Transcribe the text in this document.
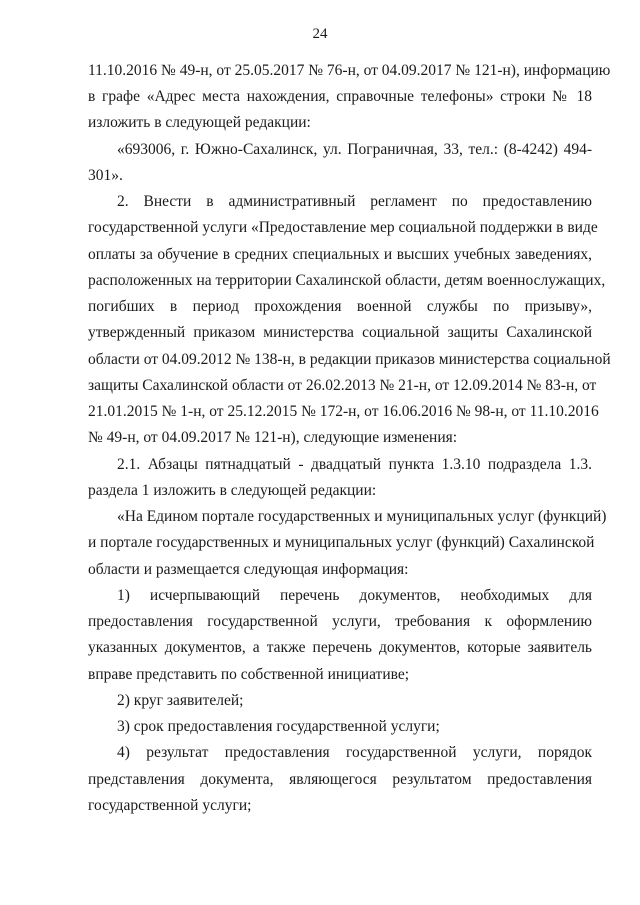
24
11.10.2016 № 49-н, от 25.05.2017 № 76-н, от 04.09.2017 № 121-н), информацию
в графе «Адрес места нахождения, справочные телефоны» строки № 18
изложить в следующей редакции:
«693006, г. Южно-Сахалинск, ул. Пограничная, 33, тел.: (8-4242) 494-
301».
2. Внести в административный регламент по предоставлению
государственной услуги «Предоставление мер социальной поддержки в виде
оплаты за обучение в средних специальных и высших учебных заведениях,
расположенных на территории Сахалинской области, детям военнослужащих,
погибших в период прохождения военной службы по призыву»,
утвержденный приказом министерства социальной защиты Сахалинской
области от 04.09.2012 № 138-н, в редакции приказов министерства социальной
защиты Сахалинской области от 26.02.2013 № 21-н, от 12.09.2014 № 83-н, от
21.01.2015 № 1-н, от 25.12.2015 № 172-н, от 16.06.2016 № 98-н, от 11.10.2016
№ 49-н, от 04.09.2017 № 121-н), следующие изменения:
2.1. Абзацы пятнадцатый - двадцатый пункта 1.3.10 подраздела 1.3.
раздела 1 изложить в следующей редакции:
«На Едином портале государственных и муниципальных услуг (функций)
и портале государственных и муниципальных услуг (функций) Сахалинской
области и размещается следующая информация:
1) исчерпывающий перечень документов, необходимых для
предоставления государственной услуги, требования к оформлению
указанных документов, а также перечень документов, которые заявитель
вправе представить по собственной инициативе;
2) круг заявителей;
3) срок предоставления государственной услуги;
4) результат предоставления государственной услуги, порядок
представления документа, являющегося результатом предоставления
государственной услуги;
